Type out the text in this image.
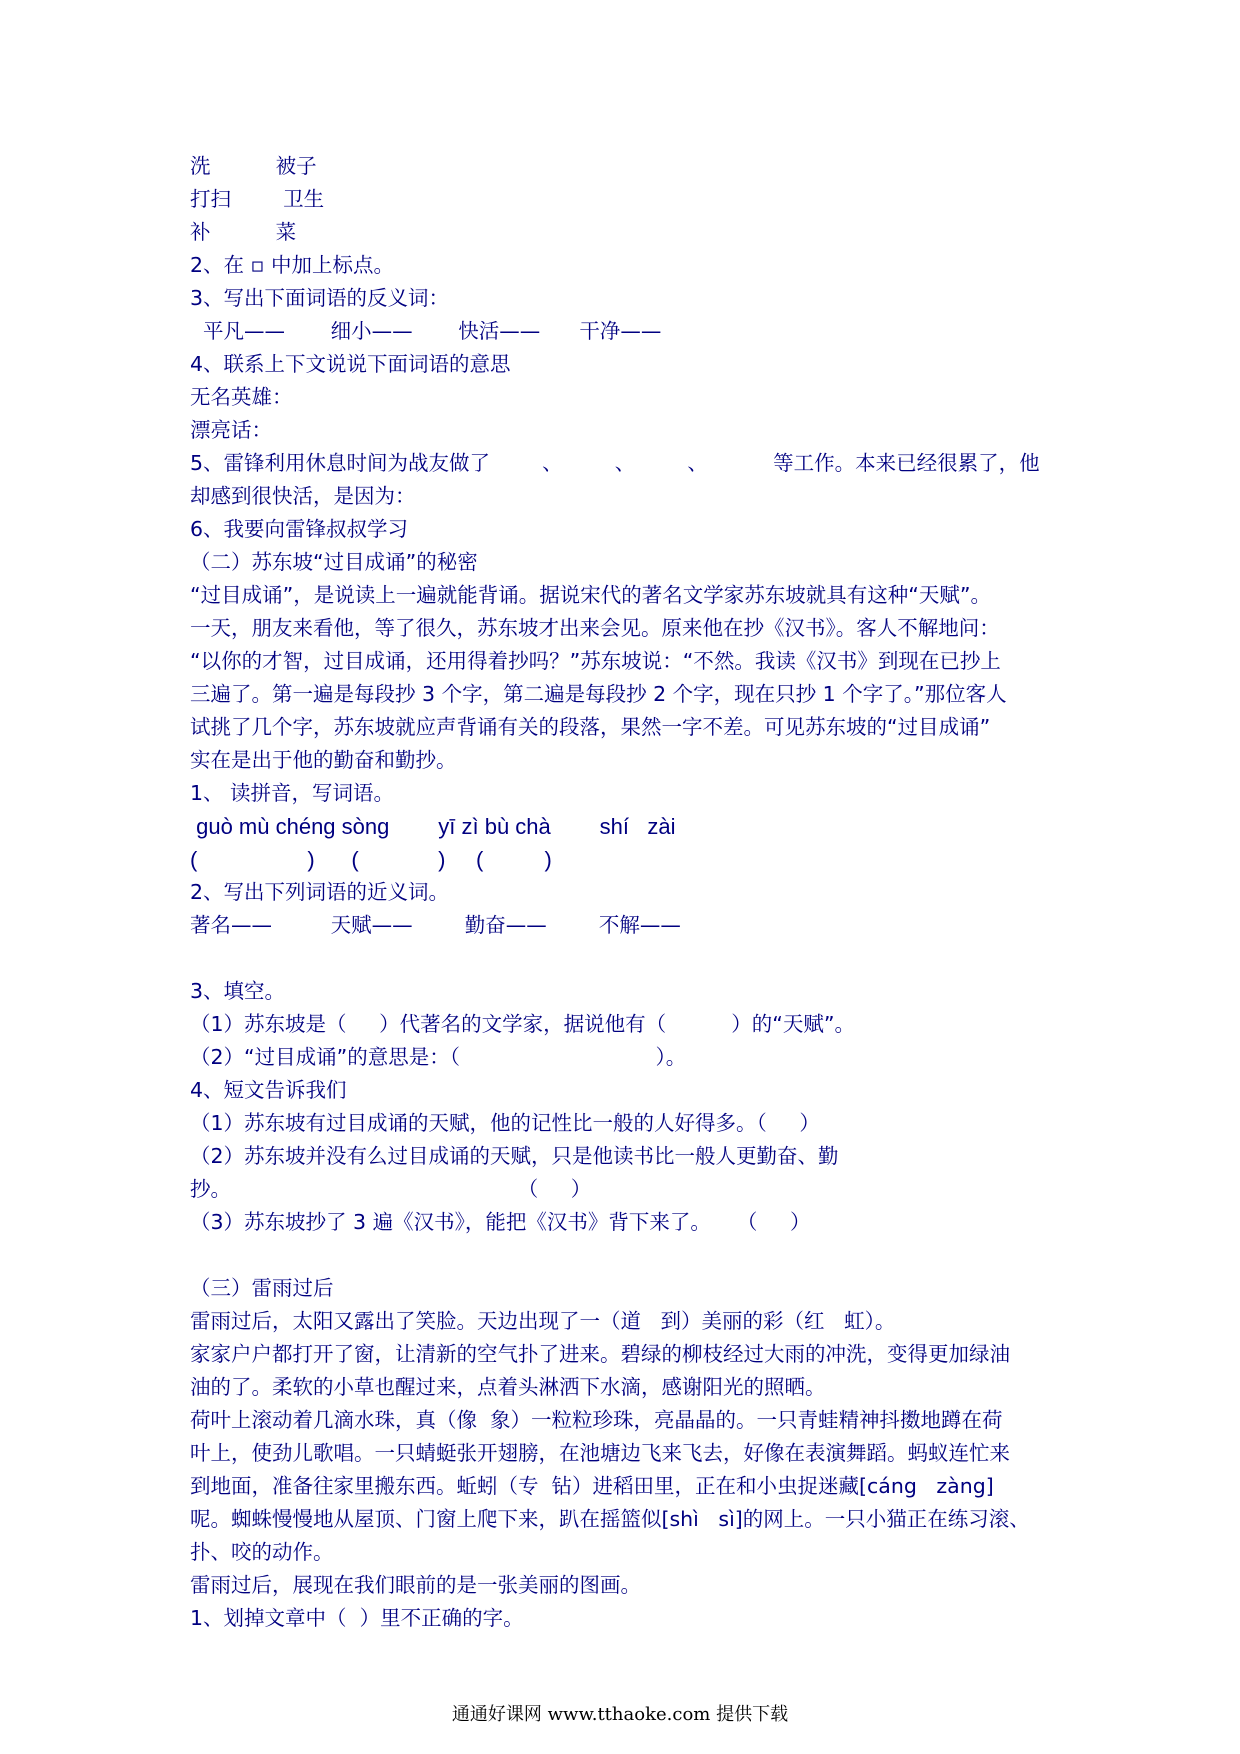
洗          被子
打扫        卫生
补          菜
2、在 ▫ 中加上标点。
3、写出下面词语的反义词：
平凡——       细小——       快活——      干净——
4、联系上下文说说下面词语的意思
无名英雄：
漂亮话：
5、雷锋利用休息时间为战友做了        、        、        、          等工作。本来已经很累了，他
却感到很快活，是因为：
6、我要向雷锋叔叔学习
（二）苏东坡“过目成诵”的秘密
“过目成诵”，是说读上一遍就能背诵。据说宋代的著名文学家苏东坡就具有这种“天赋”。
一天，朋友来看他，等了很久，苏东坡才出来会见。原来他在抄《汉书》。客人不解地问：
“以你的才智，过目成诵，还用得着抄吗？”苏东坡说：“不然。我读《汉书》到现在已抄上
三遍了。第一遍是每段抄 3 个字，第二遍是每段抄 2 个字，现在只抄 1 个字了。”那位客人
试挑了几个字，苏东坡就应声背诵有关的段落，果然一字不差。可见苏东坡的“过目成诵”
实在是出于他的勤奋和勤抄。
1、 读拼音，写词语。
guò mù chéng sòng        yī zì bù chà        shí   zài
(                  )      (             )     (          )
2、写出下列词语的近义词。
著名——         天赋——        勤奋——        不解——
3、填空。
（1）苏东坡是（     ）代著名的文学家，据说他有（          ）的“天赋”。
（2）“过目成诵”的意思是：（                              ）。
4、短文告诉我们
（1）苏东坡有过目成诵的天赋，他的记性比一般的人好得多。（     ）
（2）苏东坡并没有么过目成诵的天赋，只是他读书比一般人更勤奋、勤
抄。                                            （     ）
（3）苏东坡抄了 3 遍《汉书》，能把《汉书》背下来了。    （     ）
（三）雷雨过后
雷雨过后，太阳又露出了笑脸。天边出现了一（道   到）美丽的彩（红   虹）。
家家户户都打开了窗，让清新的空气扑了进来。碧绿的柳枝经过大雨的冲洗，变得更加绿油
油的了。柔软的小草也醒过来，点着头淋洒下水滴，感谢阳光的照晒。
荷叶上滚动着几滴水珠，真（像  象）一粒粒珍珠，亮晶晶的。一只青蛙精神抖擞地蹲在荷
叶上，使劲儿歌唱。一只蜻蜓张开翅膀，在池塘边飞来飞去，好像在表演舞蹈。蚂蚁连忙来
到地面，准备往家里搬东西。蚯蚓（专  钻）进稻田里，正在和小虫捉迷藏[cáng   zàng]
呢。蜘蛛慢慢地从屋顶、门窗上爬下来，趴在摇篮似[shì   sì]的网上。一只小猫正在练习滚、
扑、咬的动作。
雷雨过后，展现在我们眼前的是一张美丽的图画。
1、划掉文章中（  ）里不正确的字。
通通好课网 www.tthaoke.com 提供下载
